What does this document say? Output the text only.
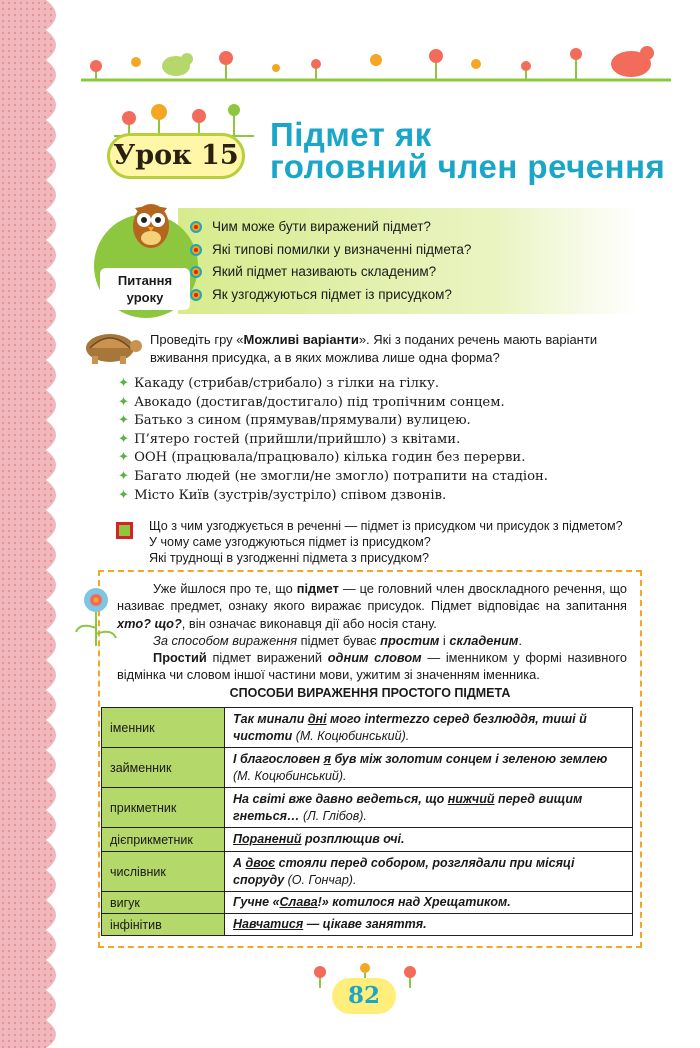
Урок 15
Підмет як
головний член речення
Питання
уроку
Чим може бути виражений підмет?
Які типові помилки у визначенні підмета?
Який підмет називають складеним?
Як узгоджуються підмет із присудком?
Проведіть гру «Можливі варіанти». Які з поданих речень мають варіанти вживання присудка, а в яких можлива лише одна форма?
✦ Какаду (стрибав/стрибало) з гілки на гілку.
✦ Авокадо (достигав/достигало) під тропічним сонцем.
✦ Батько з сином (прямував/прямували) вулицею.
✦ П’ятеро гостей (прийшли/прийшло) з квітами.
✦ ООН (працювала/працювало) кілька годин без перерви.
✦ Багато людей (не змогли/не змогло) потрапити на стадіон.
✦ Місто Київ (зустрів/зустріло) співом дзвонів.
Що з чим узгоджується в реченні — підмет із присудком чи присудок з підметом?
У чому саме узгоджуються підмет із присудком?
Які труднощі в узгодженні підмета з присудком?

Уже йшлося про те, що підмет — це головний член двоскладного речення, що називає предмет, ознаку якого виражає присудок. Підмет відповідає на запитання хто? що?, він означає виконавця дії або носія стану.

За способом вираження підмет буває простим і складеним.

Простий підмет виражений одним словом — іменником у формі називного відмінка чи словом іншої частини мови, ужитим зі значенням іменника.

СПОСОБИ ВИРАЖЕННЯ ПРОСТОГО ПІДМЕТА
іменник	Так минали дні мого intermezzo серед безлюддя, тиші й чистоти (М. Коцюбинський).
займенник	І благословен я був між золотим сонцем і зеленою землею (М. Коцюбинський).
прикметник	На світі вже давно ведеться, що нижчий перед вищим гнеться… (Л. Глібов).
дієприкметник	Поранений розплющив очі.
числівник	А двоє стояли перед собором, розглядали при місяці споруду (О. Гончар).
вигук	Гучне «Слава!» котилося над Хрещатиком.
інфінітив	Навчатися — цікаве заняття.
82
